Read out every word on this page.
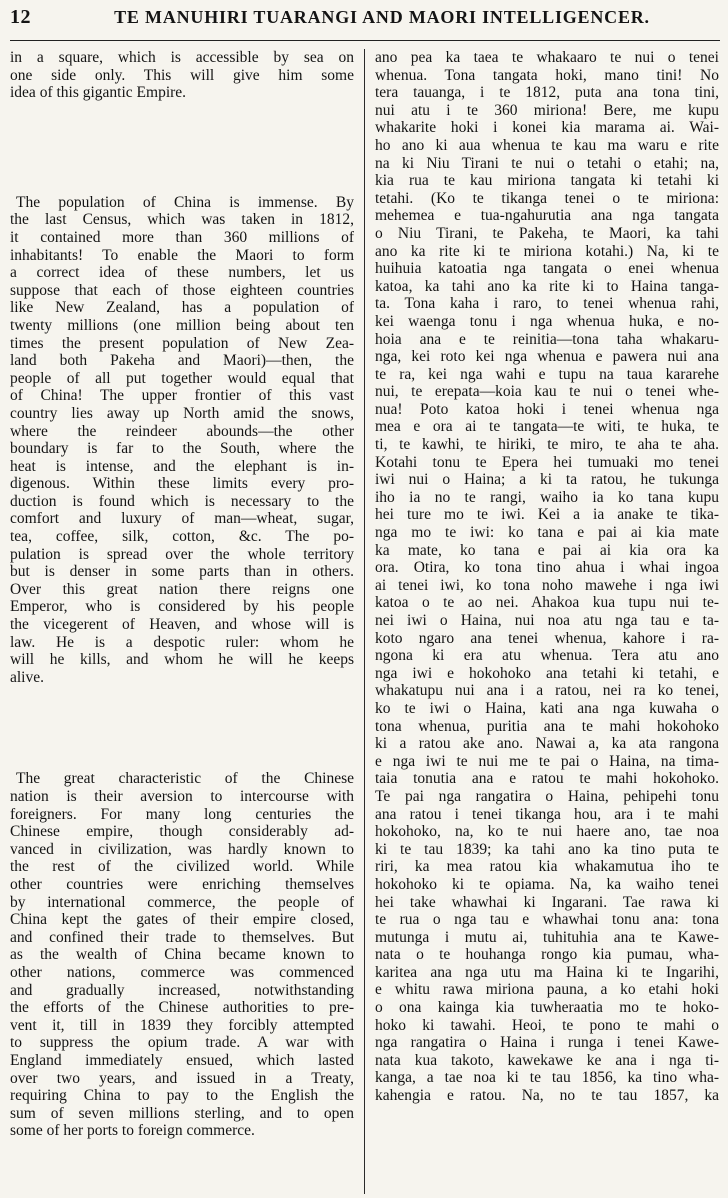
12	TE MANUHIRI TUARANGI AND MAORI INTELLIGENCER.
in a square, which is accessible by sea on
one side only. This will give him some
idea of this gigantic Empire.
The population of China is immense. By
the last Census, which was taken in 1812,
it contained more than 360 millions of
inhabitants! To enable the Maori to form
a correct idea of these numbers, let us
suppose that each of those eighteen countries
like New Zealand, has a population of
twenty millions (one million being about ten
times the present population of New Zea-
land both Pakeha and Maori)—then, the
people of all put together would equal that
of China! The upper frontier of this vast
country lies away up North amid the snows,
where the reindeer abounds—the other
boundary is far to the South, where the
heat is intense, and the elephant is in-
digenous. Within these limits every pro-
duction is found which is necessary to the
comfort and luxury of man—wheat, sugar,
tea, coffee, silk, cotton, &c. The po-
pulation is spread over the whole territory
but is denser in some parts than in others.
Over this great nation there reigns one
Emperor, who is considered by his people
the vicegerent of Heaven, and whose will is
law. He is a despotic ruler: whom he
will he kills, and whom he will he keeps
alive.
The great characteristic of the Chinese
nation is their aversion to intercourse with
foreigners. For many long centuries the
Chinese empire, though considerably ad-
vanced in civilization, was hardly known to
the rest of the civilized world. While
other countries were enriching themselves
by international commerce, the people of
China kept the gates of their empire closed,
and confined their trade to themselves. But
as the wealth of China became known to
other nations, commerce was commenced
and gradually increased, notwithstanding
the efforts of the Chinese authorities to pre-
vent it, till in 1839 they forcibly attempted
to suppress the opium trade. A war with
England immediately ensued, which lasted
over two years, and issued in a Treaty,
requiring China to pay to the English the
sum of seven millions sterling, and to open
some of her ports to foreign commerce.
ano pea ka taea te whakaaro te nui o tenei
whenua. Tona tangata hoki, mano tini! No
tera tauanga, i te 1812, puta ana tona tini,
nui atu i te 360 miriona! Bere, me kupu
whakarite hoki i konei kia marama ai. Wai-
ho ano ki aua whenua te kau ma waru e rite
na ki Niu Tirani te nui o tetahi o etahi; na,
kia rua te kau miriona tangata ki tetahi ki
tetahi. (Ko te tikanga tenei o te miriona:
mehemea e tua-ngahurutia ana nga tangata
o Niu Tirani, te Pakeha, te Maori, ka tahi
ano ka rite ki te miriona kotahi.) Na, ki te
huihuia katoatia nga tangata o enei whenua
katoa, ka tahi ano ka rite ki to Haina tanga-
ta. Tona kaha i raro, to tenei whenua rahi,
kei waenga tonu i nga whenua huka, e no-
hoia ana e te reinitia—tona taha whakaru-
nga, kei roto kei nga whenua e pawera nui ana
te ra, kei nga wahi e tupu na taua kararehe
nui, te erepata—koia kau te nui o tenei whe-
nua! Poto katoa hoki i tenei whenua nga
mea e ora ai te tangata—te witi, te huka, te
ti, te kawhi, te hiriki, te miro, te aha te aha.
Kotahi tonu te Epera hei tumuaki mo tenei
iwi nui o Haina; a ki ta ratou, he tukunga
iho ia no te rangi, waiho ia ko tana kupu
hei ture mo te iwi. Kei a ia anake te tika-
nga mo te iwi: ko tana e pai ai kia mate
ka mate, ko tana e pai ai kia ora ka
ora. Otira, ko tona tino ahua i whai ingoa
ai tenei iwi, ko tona noho mawehe i nga iwi
katoa o te ao nei. Ahakoa kua tupu nui te-
nei iwi o Haina, nui noa atu nga tau e ta-
koto ngaro ana tenei whenua, kahore i ra-
ngona ki era atu whenua. Tera atu ano
nga iwi e hokohoko ana tetahi ki tetahi, e
whakatupu nui ana i a ratou, nei ra ko tenei,
ko te iwi o Haina, kati ana nga kuwaha o
tona whenua, puritia ana te mahi hokohoko
ki a ratou ake ano. Nawai a, ka ata rangona
e nga iwi te nui me te pai o Haina, na tima-
taia tonutia ana e ratou te mahi hokohoko.
Te pai nga rangatira o Haina, pehipehi tonu
ana ratou i tenei tikanga hou, ara i te mahi
hokohoko, na, ko te nui haere ano, tae noa
ki te tau 1839; ka tahi ano ka tino puta te
riri, ka mea ratou kia whakamutua iho te
hokohoko ki te opiama. Na, ka waiho tenei
hei take whawhai ki Ingarani. Tae rawa ki
te rua o nga tau e whawhai tonu ana: tona
mutunga i mutu ai, tuhituhia ana te Kawe-
nata o te houhanga rongo kia pumau, wha-
karitea ana nga utu ma Haina ki te Ingarihi,
e whitu rawa miriona pauna, a ko etahi hoki
o ona kainga kia tuwheraatia mo te hoko-
hoko ki tawahi. Heoi, te pono te mahi o
nga rangatira o Haina i runga i tenei Kawe-
nata kua takoto, kawekawe ke ana i nga ti-
kanga, a tae noa ki te tau 1856, ka tino wha-
kahengia e ratou. Na, no te tau 1857, ka
